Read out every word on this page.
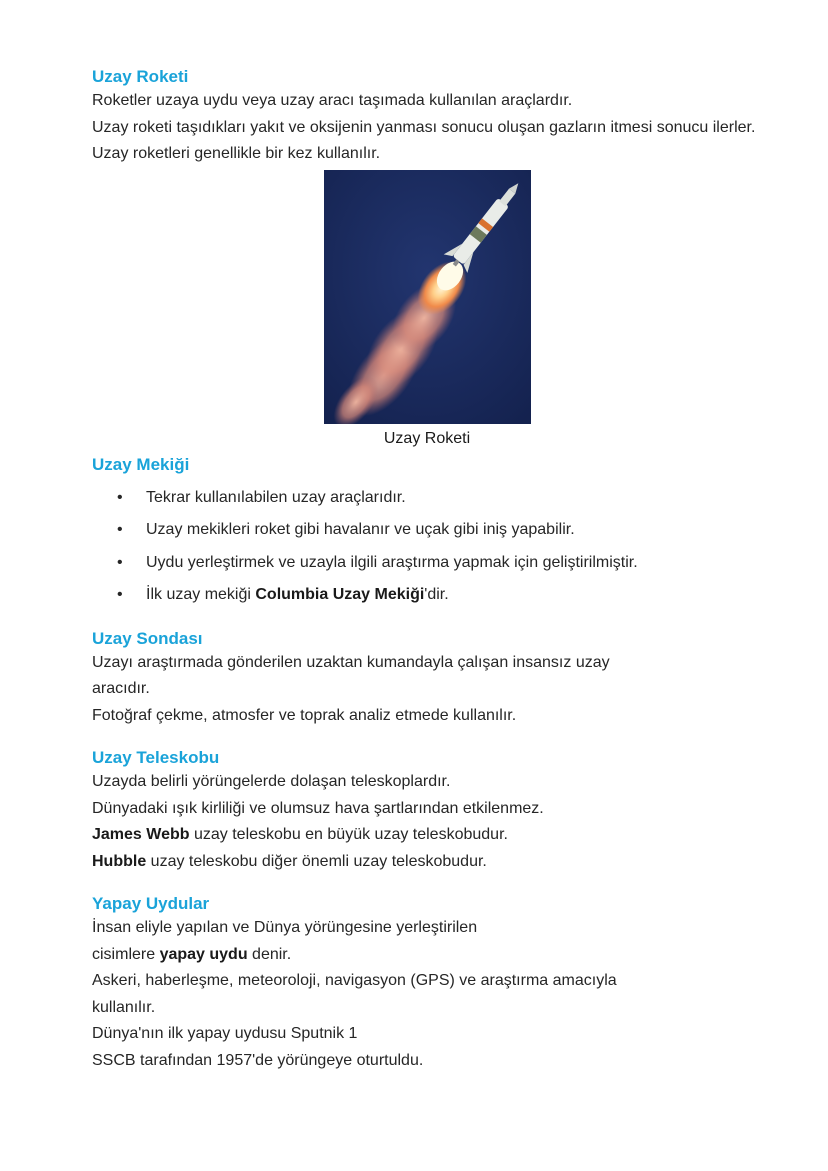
Uzay Roketi

Roketler uzaya uydu veya uzay aracı taşımada kullanılan araçlardır.

Uzay roketi taşıdıkları yakıt ve oksijenin yanması sonucu oluşan gazların itmesi sonucu ilerler.

Uzay roketleri genellikle bir kez kullanılır.

Uzay Roketi
Uzay Mekiği
• Tekrar kullanılabilen uzay araçlarıdır.
• Uzay mekikleri roket gibi havalanır ve uçak gibi iniş yapabilir.
• Uydu yerleştirmek ve uzayla ilgili araştırma yapmak için geliştirilmiştir.
• İlk uzay mekiği Columbia Uzay Mekiği'dir.
Uzay Sondası

Uzayı araştırmada gönderilen uzaktan kumandayla çalışan insansız uzay

aracıdır.

Fotoğraf çekme, atmosfer ve toprak analiz etmede kullanılır.

Uzay Teleskobu

Uzayda belirli yörüngelerde dolaşan teleskoplardır.

Dünyadaki ışık kirliliği ve olumsuz hava şartlarından etkilenmez.

James Webb uzay teleskobu en büyük uzay teleskobudur.

Hubble uzay teleskobu diğer önemli uzay teleskobudur.

Yapay Uydular

İnsan eliyle yapılan ve Dünya yörüngesine yerleştirilen

cisimlere yapay uydu denir.

Askeri, haberleşme, meteoroloji, navigasyon (GPS) ve araştırma amacıyla

kullanılır.

Dünya'nın ilk yapay uydusu Sputnik 1

SSCB tarafından 1957'de yörüngeye oturtuldu.
